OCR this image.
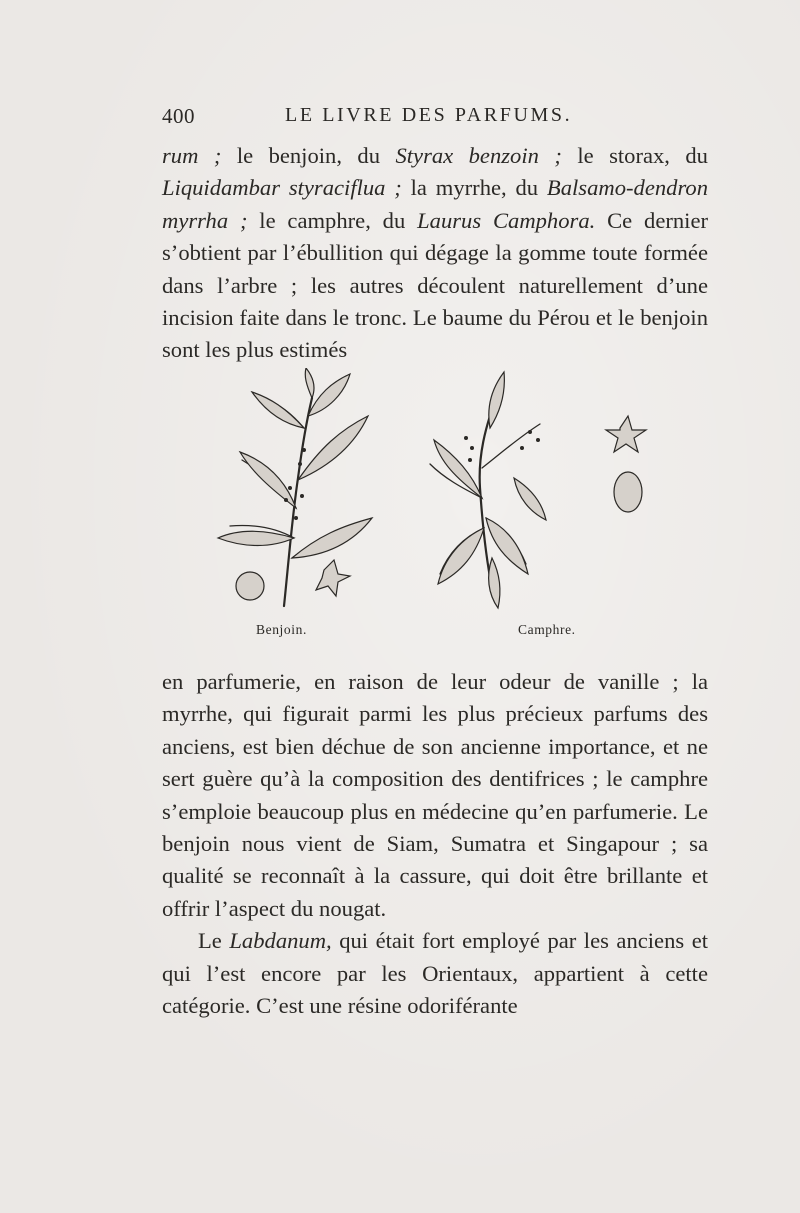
400	LE LIVRE DES PARFUMS.

rum ; le benjoin, du Styrax benzoin ; le storax, du Liquidambar styraciflua ; la myrrhe, du Balsamo-dendron myrrha ; le camphre, du Laurus Camphora. Ce dernier s’obtient par l’ébullition qui dégage la gomme toute formée dans l’arbre ; les autres découlent naturellement d’une incision faite dans le tronc. Le baume du Pérou et le benjoin sont les plus estimés

Benjoin.	Camphre.

en parfumerie, en raison de leur odeur de vanille ; la myrrhe, qui figurait parmi les plus précieux parfums des anciens, est bien déchue de son ancienne importance, et ne sert guère qu’à la composition des dentifrices ; le camphre s’emploie beaucoup plus en médecine qu’en parfumerie. Le benjoin nous vient de Siam, Sumatra et Singapour ; sa qualité se reconnaît à la cassure, qui doit être brillante et offrir l’aspect du nougat.

Le Labdanum, qui était fort employé par les anciens et qui l’est encore par les Orientaux, appartient à cette catégorie. C’est une résine odoriférante
